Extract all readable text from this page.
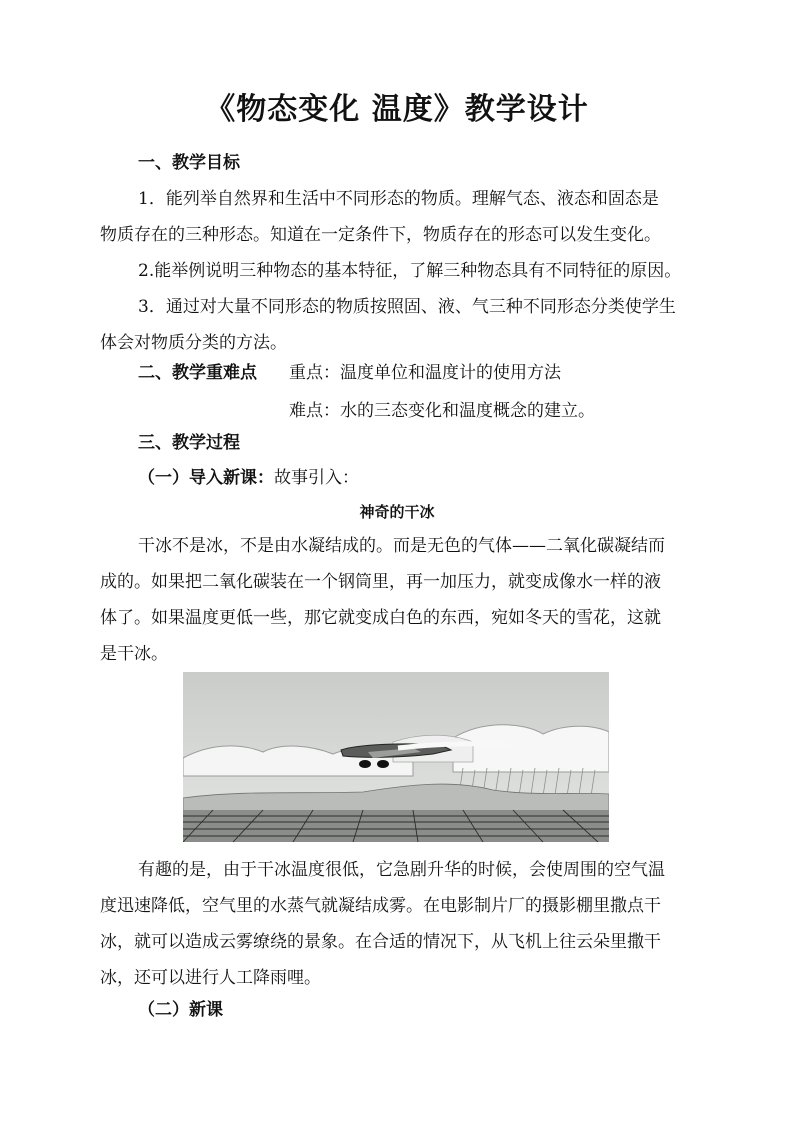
《物态变化 温度》教学设计
一、教学目标
1．能列举自然界和生活中不同形态的物质。理解气态、液态和固态是
物质存在的三种形态。知道在一定条件下，物质存在的形态可以发生变化。
2.能举例说明三种物态的基本特征，了解三种物态具有不同特征的原因。
3．通过对大量不同形态的物质按照固、液、气三种不同形态分类使学生
体会对物质分类的方法。
二、教学重难点 重点：温度单位和温度计的使用方法
难点：水的三态变化和温度概念的建立。
三、教学过程
（一）导入新课：故事引入：
神奇的干冰
干冰不是冰，不是由水凝结成的。而是无色的气体——二氧化碳凝结而
成的。如果把二氧化碳装在一个钢筒里，再一加压力，就变成像水一样的液
体了。如果温度更低一些，那它就变成白色的东西，宛如冬天的雪花，这就
是干冰。
有趣的是，由于干冰温度很低，它急剧升华的时候，会使周围的空气温
度迅速降低，空气里的水蒸气就凝结成雾。在电影制片厂的摄影棚里撒点干
冰，就可以造成云雾缭绕的景象。在合适的情况下，从飞机上往云朵里撒干
冰，还可以进行人工降雨哩。
（二）新课
